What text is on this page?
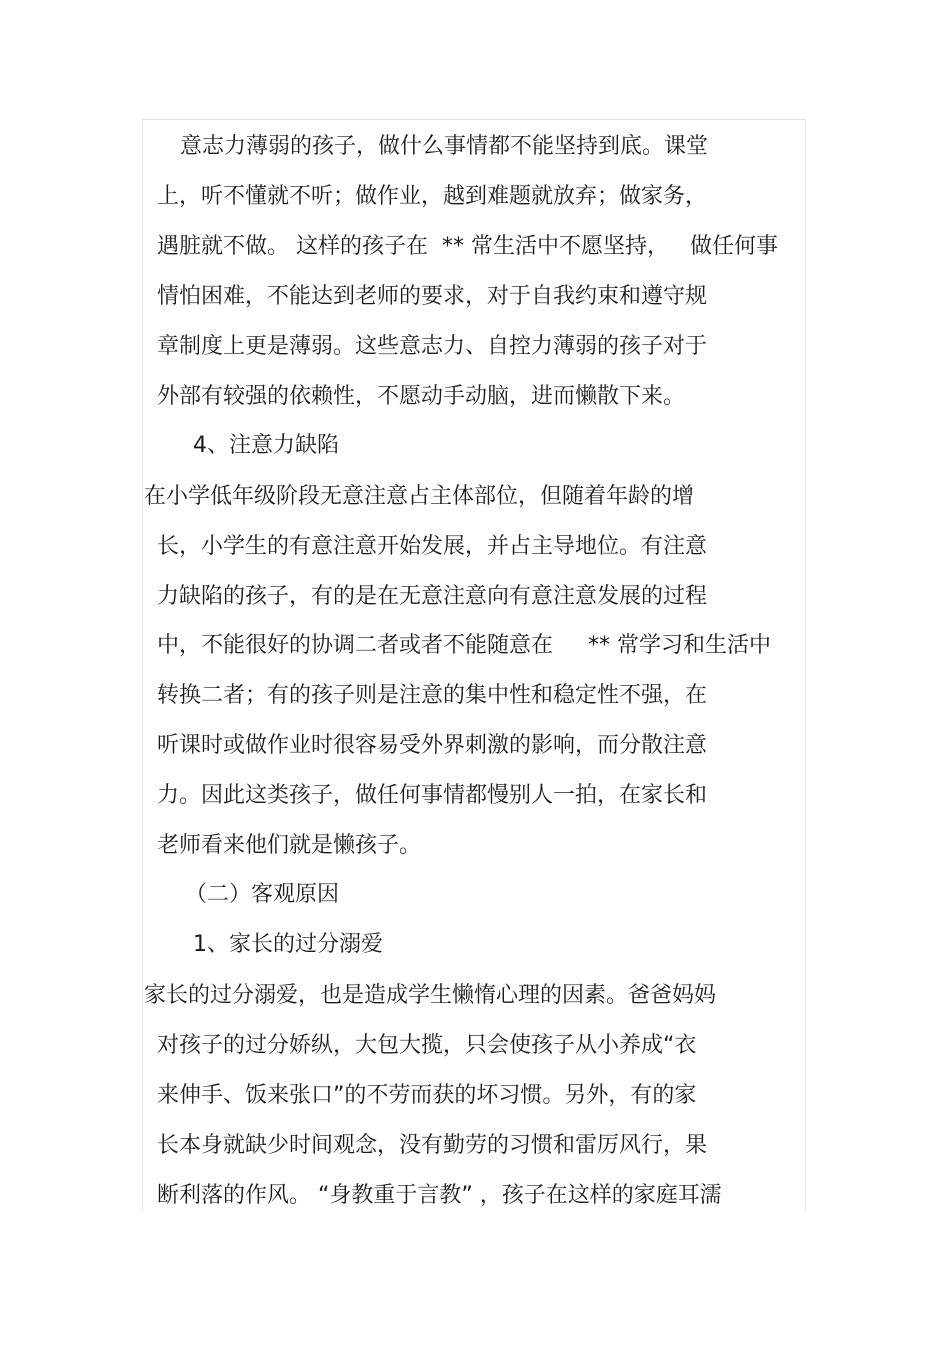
意志力薄弱的孩子，做什么事情都不能坚持到底。课堂
上，听不懂就不听；做作业，越到难题就放弃；做家务，
遇脏就不做。 这样的孩子在  ** 常生活中不愿坚持，   做任何事
情怕困难，不能达到老师的要求，对于自我约束和遵守规
章制度上更是薄弱。这些意志力、自控力薄弱的孩子对于
外部有较强的依赖性，不愿动手动脑，进而懒散下来。
4、注意力缺陷
在小学低年级阶段无意注意占主体部位，但随着年龄的增
长，小学生的有意注意开始发展，并占主导地位。有注意
力缺陷的孩子，有的是在无意注意向有意注意发展的过程
中，不能很好的协调二者或者不能随意在     ** 常学习和生活中
转换二者；有的孩子则是注意的集中性和稳定性不强，在
听课时或做作业时很容易受外界刺激的影响，而分散注意
力。因此这类孩子，做任何事情都慢别人一拍，在家长和
老师看来他们就是懒孩子。
（二）客观原因
1、家长的过分溺爱
家长的过分溺爱，也是造成学生懒惰心理的因素。爸爸妈妈
对孩子的过分娇纵，大包大揽，只会使孩子从小养成“衣
来伸手、饭来张口”的不劳而获的坏习惯。另外，有的家
长本身就缺少时间观念，没有勤劳的习惯和雷厉风行，果
断利落的作风。 “身教重于言教” ，孩子在这样的家庭耳濡
